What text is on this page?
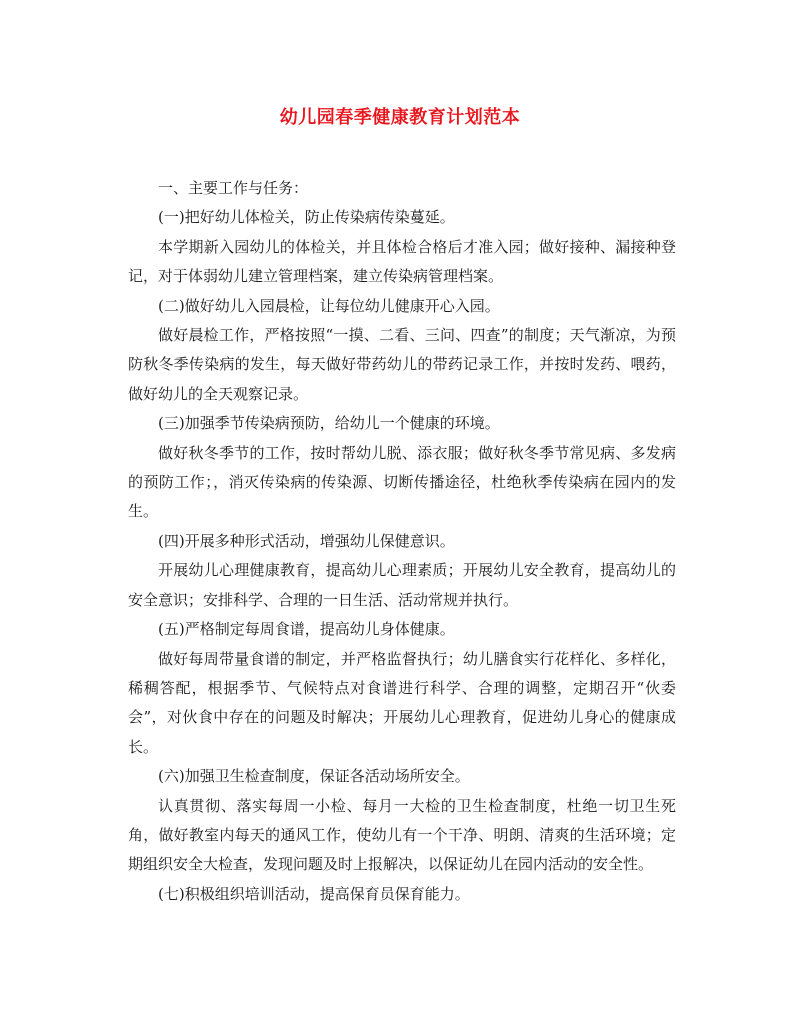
幼儿园春季健康教育计划范本

一、主要工作与任务：

(一)把好幼儿体检关，防止传染病传染蔓延。

本学期新入园幼儿的体检关，并且体检合格后才准入园；做好接种、漏接种登记，对于体弱幼儿建立管理档案，建立传染病管理档案。

(二)做好幼儿入园晨检，让每位幼儿健康开心入园。

做好晨检工作，严格按照“一摸、二看、三问、四查”的制度；天气渐凉，为预防秋冬季传染病的发生，每天做好带药幼儿的带药记录工作，并按时发药、喂药，做好幼儿的全天观察记录。

(三)加强季节传染病预防，给幼儿一个健康的环境。

做好秋冬季节的工作，按时帮幼儿脱、添衣服；做好秋冬季节常见病、多发病的预防工作；，消灭传染病的传染源、切断传播途径，杜绝秋季传染病在园内的发生。

(四)开展多种形式活动，增强幼儿保健意识。

开展幼儿心理健康教育，提高幼儿心理素质；开展幼儿安全教育，提高幼儿的安全意识；安排科学、合理的一日生活、活动常规并执行。

(五)严格制定每周食谱，提高幼儿身体健康。

做好每周带量食谱的制定，并严格监督执行；幼儿膳食实行花样化、多样化，稀稠答配，根据季节、气候特点对食谱进行科学、合理的调整，定期召开“伙委会”，对伙食中存在的问题及时解决；开展幼儿心理教育，促进幼儿身心的健康成长。

(六)加强卫生检查制度，保证各活动场所安全。

认真贯彻、落实每周一小检、每月一大检的卫生检查制度，杜绝一切卫生死角，做好教室内每天的通风工作，使幼儿有一个干净、明朗、清爽的生活环境；定期组织安全大检查，发现问题及时上报解决，以保证幼儿在园内活动的安全性。

(七)积极组织培训活动，提高保育员保育能力。
